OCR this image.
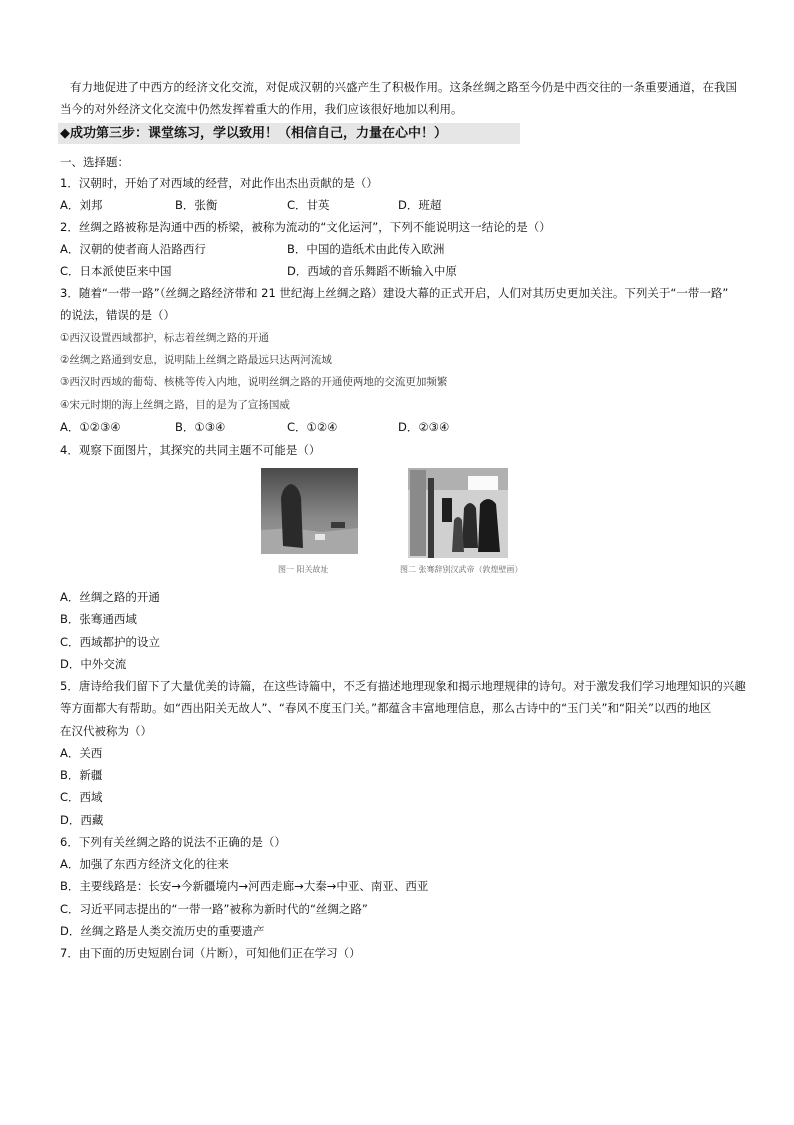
有力地促进了中西方的经济文化交流，对促成汉朝的兴盛产生了积极作用。这条丝绸之路至今仍是中西交往的一条重要通道，在我国
当今的对外经济文化交流中仍然发挥着重大的作用，我们应该很好地加以利用。
◆成功第三步：课堂练习，学以致用！（相信自己，力量在心中！）
一、选择题：
1．汉朝时，开始了对西域的经营，对此作出杰出贡献的是（）
A．刘邦	B．张衡	C．甘英	D．班超
2．丝绸之路被称是沟通中西的桥梁，被称为流动的“文化运河”，下列不能说明这一结论的是（）
A．汉朝的使者商人沿路西行	B．中国的造纸术由此传入欧洲
C．日本派使臣来中国	D．西域的音乐舞蹈不断输入中原
3．随着“一带一路”（丝绸之路经济带和 21 世纪海上丝绸之路）建设大幕的正式开启，人们对其历史更加关注。下列关于“一带一路”
的说法，错误的是（）
①西汉设置西域都护，标志着丝绸之路的开通
②丝绸之路通到安息，说明陆上丝绸之路最远只达两河流域
③西汉时西域的葡萄、核桃等传入内地，说明丝绸之路的开通使两地的交流更加频繁
④宋元时期的海上丝绸之路，目的是为了宣扬国威
A．①②③④	B．①③④	C．①②④	D．②③④
4．观察下面图片，其探究的共同主题不可能是（）
图一 阳关故址	图二 张骞辞别汉武帝（敦煌壁画）
A．丝绸之路的开通
B．张骞通西域
C．西域都护的设立
D．中外交流
5．唐诗给我们留下了大量优美的诗篇，在这些诗篇中，不乏有描述地理现象和揭示地理规律的诗句。对于激发我们学习地理知识的兴趣
等方面都大有帮助。如“西出阳关无故人”、“春风不度玉门关。”都蕴含丰富地理信息，那么古诗中的“玉门关”和“阳关”以西的地区
在汉代被称为（）
A．关西
B．新疆
C．西域
D．西藏
6．下列有关丝绸之路的说法不正确的是（）
A．加强了东西方经济文化的往来
B．主要线路是：长安→今新疆境内→河西走廊→大秦→中亚、南亚、西亚
C．习近平同志提出的“一带一路”被称为新时代的“丝绸之路”
D．丝绸之路是人类交流历史的重要遗产
7．由下面的历史短剧台词（片断），可知他们正在学习（）
